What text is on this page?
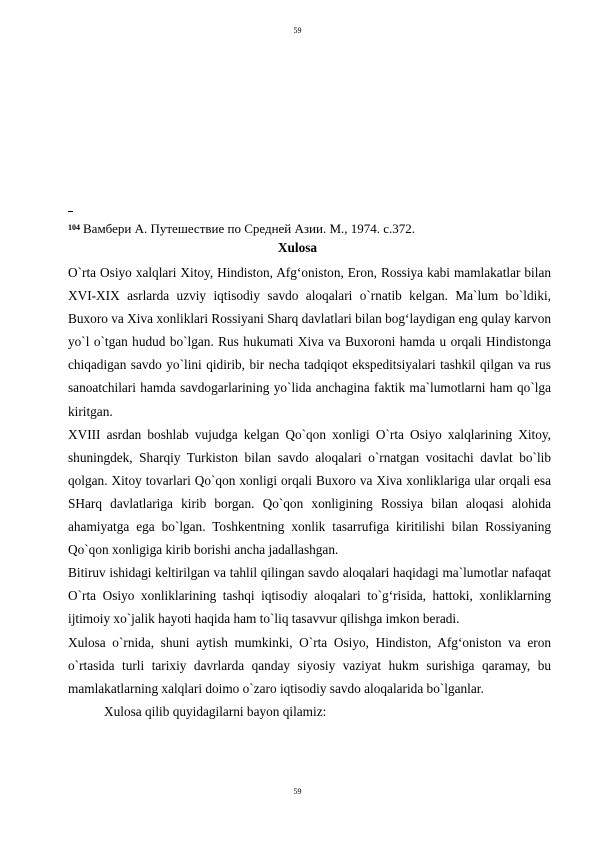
59
$^{104}$ Вамбери А. Путешествие по Средней Азии. М., 1974. с.372.
Xulosa

O`rta Osiyo xalqlari Xitoy, Hindiston, Afg‘oniston, Eron, Rossiya kabi mamlakatlar bilan XVI-XIX asrlarda uzviy iqtisodiy savdo aloqalari o`rnatib kelgan. Ma`lum bo`ldiki, Buxoro va Xiva xonliklari Rossiyani Sharq davlatlari bilan bog‘laydigan eng qulay karvon yo`l o`tgan hudud bo`lgan. Rus hukumati Xiva va Buxoroni hamda u orqali Hindistonga chiqadigan savdo yo`lini qidirib, bir necha tadqiqot ekspeditsiyalari tashkil qilgan va rus sanoatchilari hamda savdogarlarining yo`lida anchagina faktik ma`lumotlarni ham qo`lga kiritgan.

XVIII asrdan boshlab vujudga kelgan Qo`qon xonligi O`rta Osiyo xalqlarining Xitoy, shuningdek, Sharqiy Turkiston bilan savdo aloqalari o`rnatgan vositachi davlat bo`lib qolgan. Xitoy tovarlari Qo`qon xonligi orqali Buxoro va Xiva xonliklariga ular orqali esa SHarq davlatlariga kirib borgan. Qo`qon xonligining Rossiya bilan aloqasi alohida ahamiyatga ega bo`lgan. Toshkentning xonlik tasarrufiga kiritilishi bilan Rossiyaning Qo`qon xonligiga kirib borishi ancha jadallashgan.

Bitiruv ishidagi keltirilgan va tahlil qilingan savdo aloqalari haqidagi ma`lumotlar nafaqat O`rta Osiyo xonliklarining tashqi iqtisodiy aloqalari to`g‘risida, hattoki, xonliklarning ijtimoiy xo`jalik hayoti haqida ham to`liq tasavvur qilishga imkon beradi.

Xulosa o`rnida, shuni aytish mumkinki, O`rta Osiyo, Hindiston, Afg‘oniston va eron o`rtasida turli tarixiy davrlarda qanday siyosiy vaziyat hukm surishiga qaramay, bu mamlakatlarning xalqlari doimo o`zaro iqtisodiy savdo aloqalarida bo`lganlar.

Xulosa qilib quyidagilarni bayon qilamiz:

59
